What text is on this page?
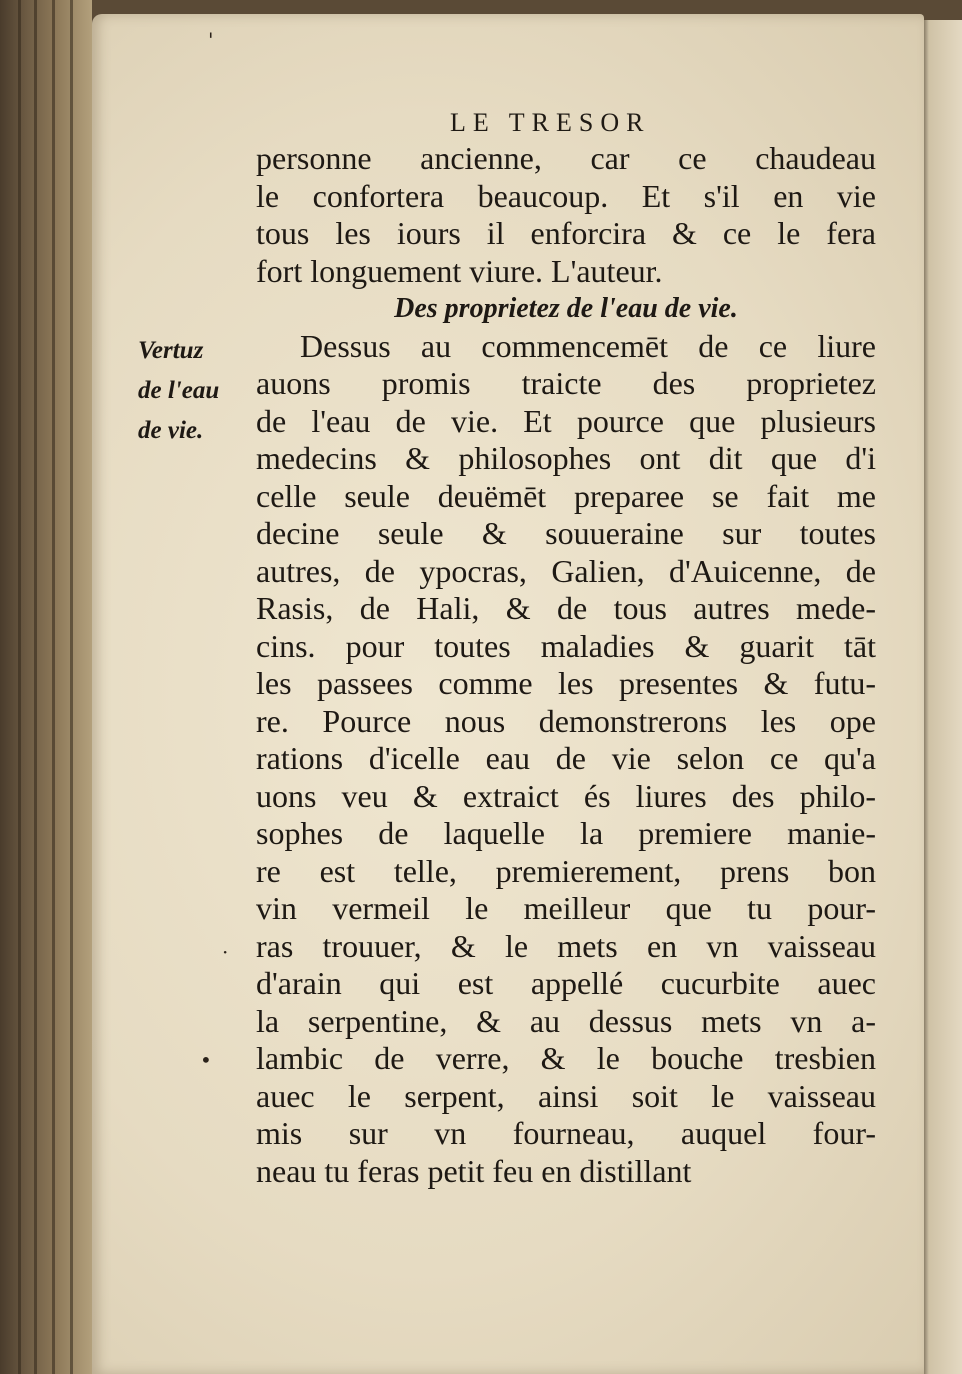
LE TRESOR
Vertuz
de l'eau
de vie.
personne ancienne, car ce chaudeau
le confortera beaucoup. Et s'il en vie
tous les iours il enforcira & ce le fera
fort longuement viure. L'auteur.
Des proprietez de l'eau de vie.
Dessus au commencemēt de ce liure
auons promis traicte des proprietez
de l'eau de vie. Et pource que plusieurs
medecins & philosophes ont dit que d'i
celle seule deuëmēt preparee se fait me
decine seule & souueraine sur toutes
autres, de ypocras, Galien, d'Auicenne, de
Rasis, de Hali, & de tous autres mede-
cins. pour toutes maladies & guarit tāt
les passees comme les presentes & futu-
re. Pource nous demonstrerons les ope
rations d'icelle eau de vie selon ce qu'a
uons veu & extraict és liures des philo-
sophes de laquelle la premiere manie-
re est telle, premierement, prens bon
vin vermeil le meilleur que tu pour-
ras trouuer, & le mets en vn vaisseau
d'arain qui est appellé cucurbite auec
la serpentine, & au dessus mets vn a-
lambic de verre, & le bouche tresbien
auec le serpent, ainsi soit le vaisseau
mis sur vn fourneau, auquel four-
neau tu feras petit feu en distillant
'
·
•
